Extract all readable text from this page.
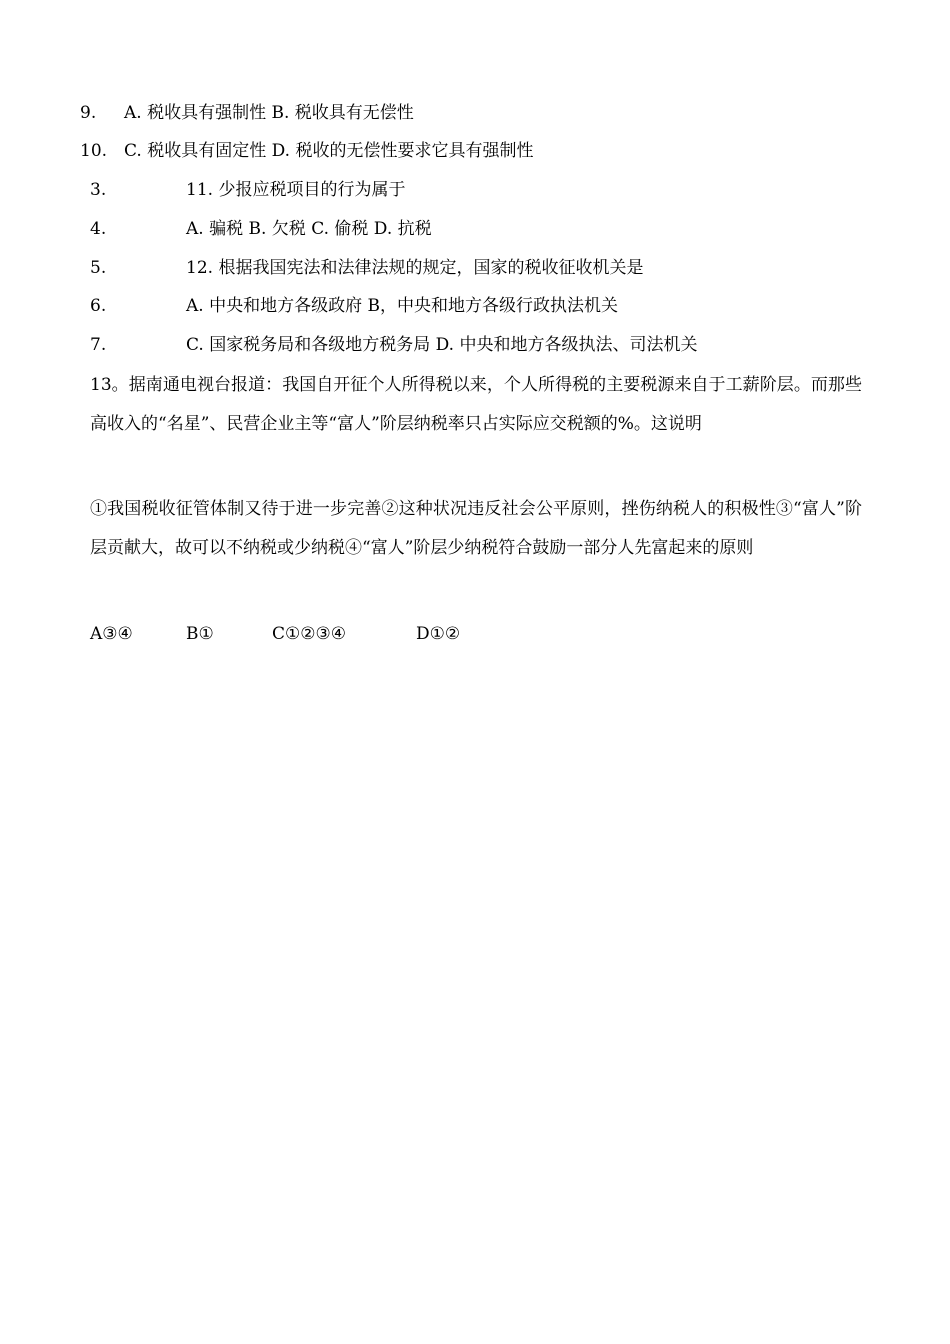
9. A. 税收具有强制性 B. 税收具有无偿性
10. C. 税收具有固定性 D. 税收的无偿性要求它具有强制性
3.	11. 少报应税项目的行为属于
4.	A. 骗税 B. 欠税 C. 偷税 D. 抗税
5.	12. 根据我国宪法和法律法规的规定，国家的税收征收机关是
6.	A. 中央和地方各级政府 B，中央和地方各级行政执法机关
7.	C. 国家税务局和各级地方税务局 D. 中央和地方各级执法、司法机关
13。据南通电视台报道：我国自开征个人所得税以来，个人所得税的主要税源来自于工薪阶层。而那些高收入的“名星”、民营企业主等“富人”阶层纳税率只占实际应交税额的%。这说明
①我国税收征管体制又待于进一步完善②这种状况违反社会公平原则，挫伤纳税人的积极性③“富人”阶层贡献大，故可以不纳税或少纳税④“富人”阶层少纳税符合鼓励一部分人先富起来的原则
A③④	B①	C①②③④	D①②
